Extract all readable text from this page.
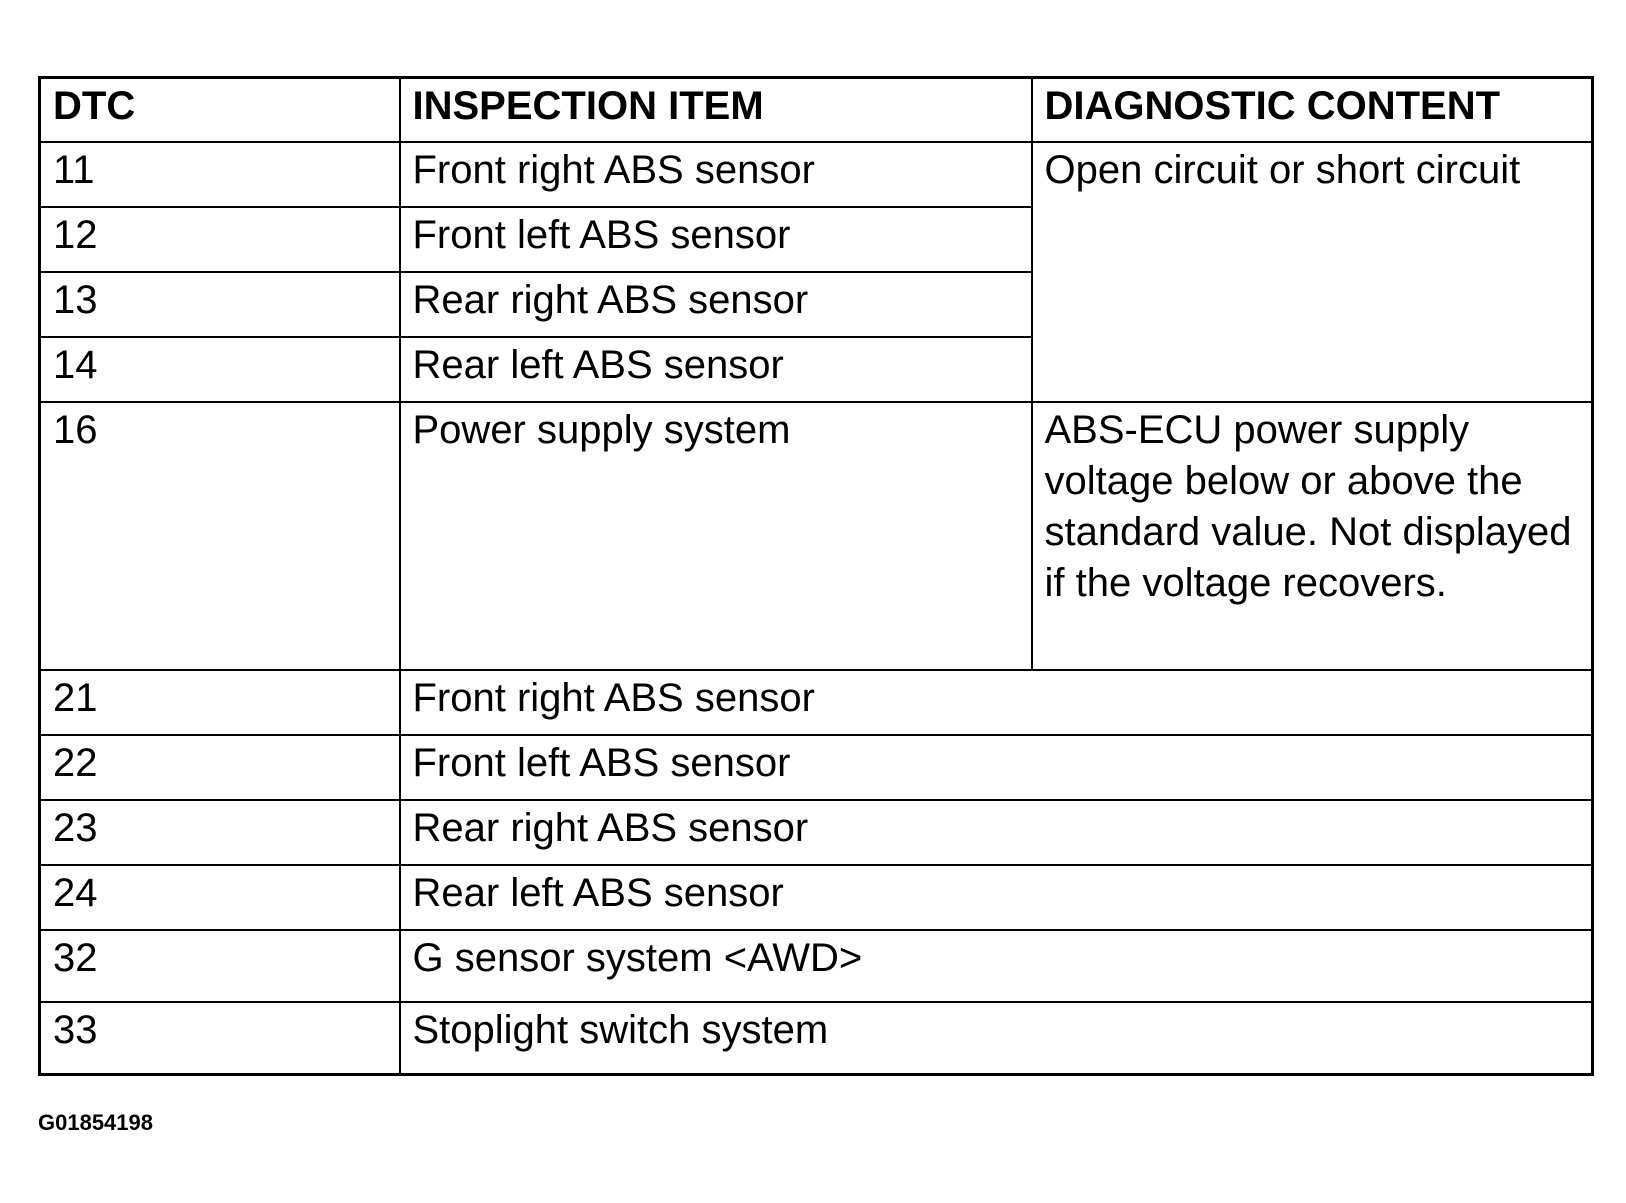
DTC	INSPECTION ITEM	DIAGNOSTIC CONTENT
11	Front right ABS sensor	Open circuit or short circuit
12	Front left ABS sensor	
13	Rear right ABS sensor	
14	Rear left ABS sensor	
16	Power supply system	ABS-ECU power supply voltage below or above the standard value. Not displayed if the voltage recovers.
21	Front right ABS sensor	
22	Front left ABS sensor	
23	Rear right ABS sensor	
24	Rear left ABS sensor	
32	G sensor system <AWD>	
33	Stoplight switch system	
G01854198
